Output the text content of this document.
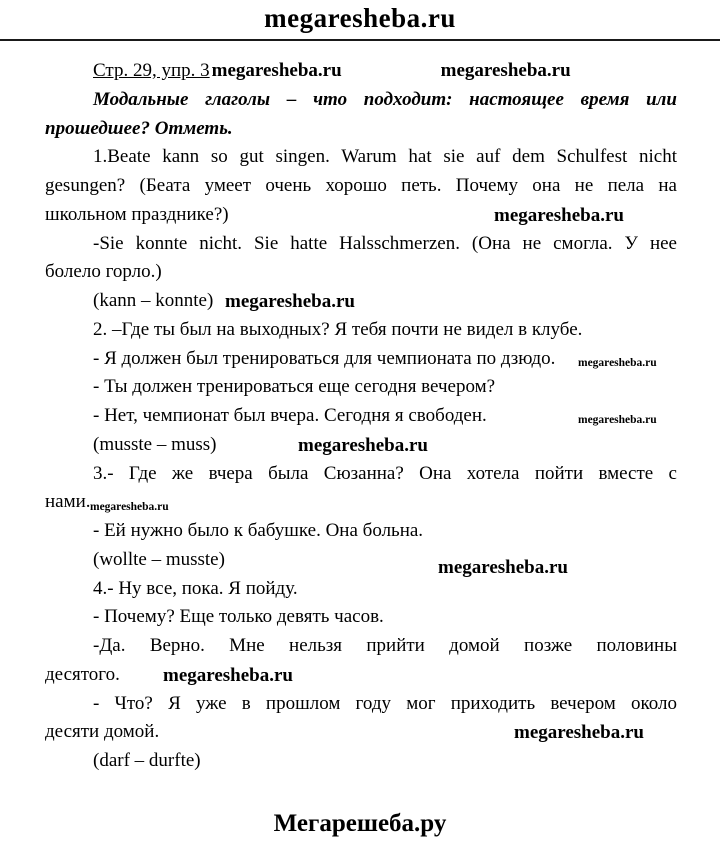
megaresheba.ru
Стр. 29, упр. 3 megaresheba.ru	megaresheba.ru
Модальные глаголы – что подходит: настоящее время или
прошедшее? Отметь.
1.Beate kann so gut singen. Warum hat sie auf dem Schulfest nicht
gesungen? (Беата умеет очень хорошо петь. Почему она не пела на
школьном празднике?)	megaresheba.ru
-Sie konnte nicht. Sie hatte Halsschmerzen. (Она не смогла. У нее
болело горло.)
(kann – konnte) megaresheba.ru
2. –Где ты был на выходных? Я тебя почти не видел в клубе.
- Я должен был тренироваться для чемпионата по дзюдо. megaresheba.ru
- Ты должен тренироваться еще сегодня вечером?
- Нет, чемпионат был вчера. Сегодня я свободен.	megaresheba.ru
(musste – muss)	megaresheba.ru
3.- Где же вчера была Сюзанна? Она хотела пойти вместе с
нами. megaresheba.ru
- Ей нужно было к бабушке. Она больна.
(wollte – musste)	megaresheba.ru
4.- Ну все, пока. Я пойду.
- Почему? Еще только девять часов.
-Да. Верно. Мне нельзя прийти домой позже половины
десятого. megaresheba.ru
- Что? Я уже в прошлом году мог приходить вечером около
десяти домой.	megaresheba.ru
(darf – durfte)
Мегарешеба.ру
